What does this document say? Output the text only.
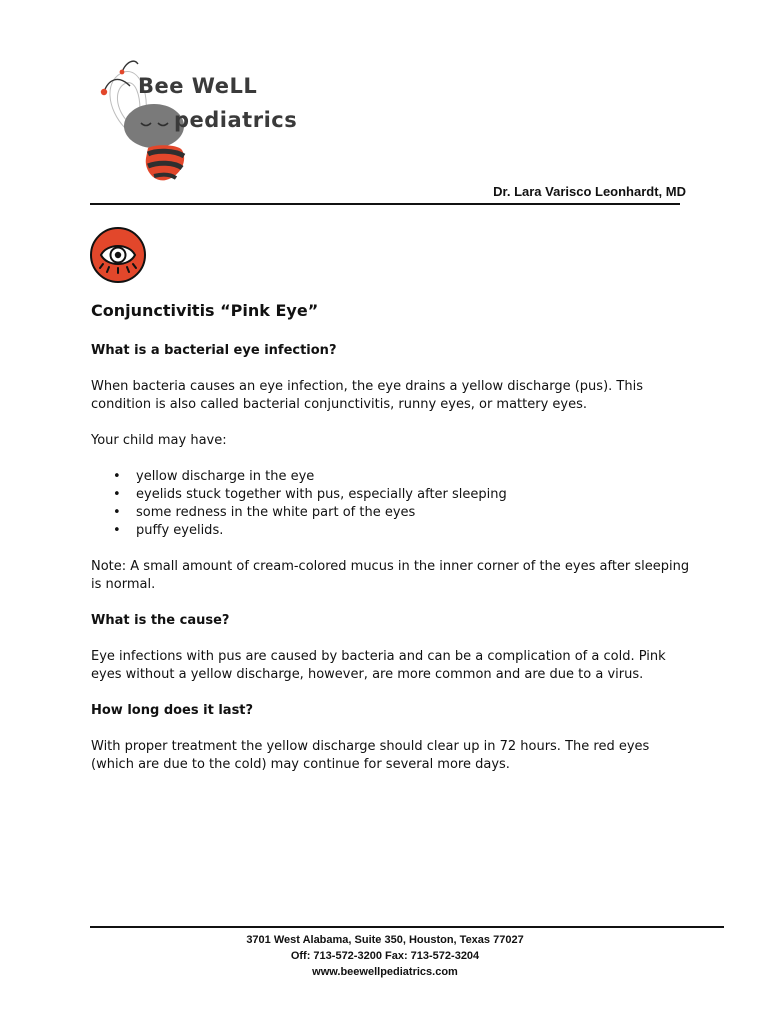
Bee WeLL
pediatrics
Dr. Lara Varisco Leonhardt, MD
Conjunctivitis “Pink Eye”
What is a bacterial eye infection?
When bacteria causes an eye infection, the eye drains a yellow discharge (pus). This condition is also called bacterial conjunctivitis, runny eyes, or mattery eyes.
Your child may have:
• yellow discharge in the eye
• eyelids stuck together with pus, especially after sleeping
• some redness in the white part of the eyes
• puffy eyelids.
Note: A small amount of cream-colored mucus in the inner corner of the eyes after sleeping is normal.
What is the cause?
Eye infections with pus are caused by bacteria and can be a complication of a cold. Pink eyes without a yellow discharge, however, are more common and are due to a virus.
How long does it last?
With proper treatment the yellow discharge should clear up in 72 hours. The red eyes (which are due to the cold) may continue for several more days.
3701 West Alabama, Suite 350, Houston, Texas 77027
Off: 713-572-3200 Fax: 713-572-3204
www.beewellpediatrics.com
